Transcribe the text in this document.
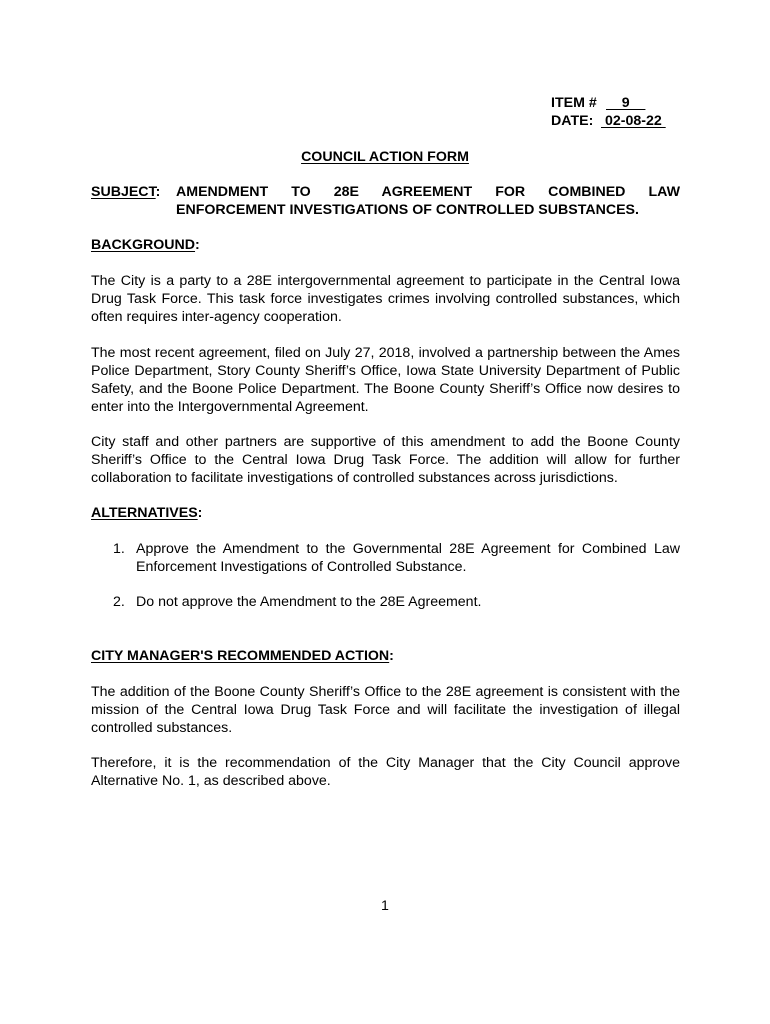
ITEM # 9
DATE: 02-08-22
COUNCIL ACTION FORM
SUBJECT:	AMENDMENT TO 28E AGREEMENT FOR COMBINED LAW
ENFORCEMENT INVESTIGATIONS OF CONTROLLED SUBSTANCES.
BACKGROUND:
The City is a party to a 28E intergovernmental agreement to participate in the Central Iowa Drug Task Force. This task force investigates crimes involving controlled substances, which often requires inter-agency cooperation.
The most recent agreement, filed on July 27, 2018, involved a partnership between the Ames Police Department, Story County Sheriff’s Office, Iowa State University Department of Public Safety, and the Boone Police Department. The Boone County Sheriff’s Office now desires to enter into the Intergovernmental Agreement.
City staff and other partners are supportive of this amendment to add the Boone County Sheriff’s Office to the Central Iowa Drug Task Force. The addition will allow for further collaboration to facilitate investigations of controlled substances across jurisdictions.
ALTERNATIVES:
1. Approve the Amendment to the Governmental 28E Agreement for Combined Law Enforcement Investigations of Controlled Substance.
2. Do not approve the Amendment to the 28E Agreement.
CITY MANAGER'S RECOMMENDED ACTION:
The addition of the Boone County Sheriff’s Office to the 28E agreement is consistent with the mission of the Central Iowa Drug Task Force and will facilitate the investigation of illegal controlled substances.
Therefore, it is the recommendation of the City Manager that the City Council approve Alternative No. 1, as described above.
1
